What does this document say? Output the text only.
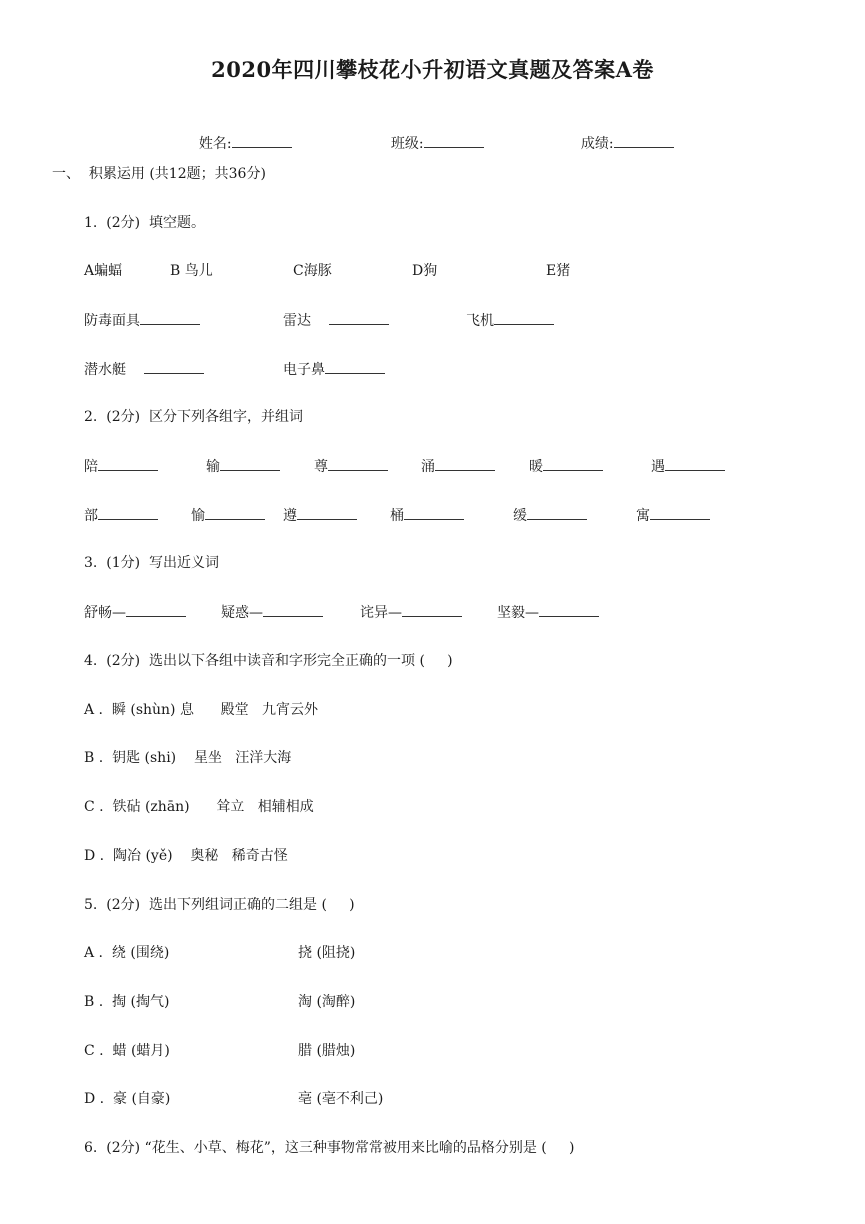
2020年四川攀枝花小升初语文真题及答案A卷

姓名:	班级:	成绩:

一、  积累运用 (共12题；共36分)
1.  (2分)  填空题。
A蝙蝠	B 鸟儿	C海豚	D狗	E猪
防毒面具	雷达	飞机
潜水艇	电子鼻
2.  (2分)  区分下列各组字，并组词
陪	输	尊	涌	暖	遇
部	愉	遵	桶	缓	寓
3.  (1分)  写出近义词
舒畅—	疑惑—	诧异—	坚毅—
4.  (2分)  选出以下各组中读音和字形完全正确的一项 (     )
A .  瞬 (shùn) 息      殿堂   九宵云外
B .  钥匙 (shi)    星坐   汪洋大海
C .  铁砧 (zhān)      耸立   相辅相成
D .  陶冶 (yě)    奥秘   稀奇古怪
5.  (2分)  选出下列组词正确的二组是 (     )
A .  绕 (围绕)	挠 (阻挠)
B .  掏 (掏气)	淘 (淘醉)
C .  蜡 (蜡月)	腊 (腊烛)
D .  豪 (自豪)	亳 (亳不利己)
6.  (2分) “花生、小草、梅花”，这三种事物常常被用来比喻的品格分别是 (     )
